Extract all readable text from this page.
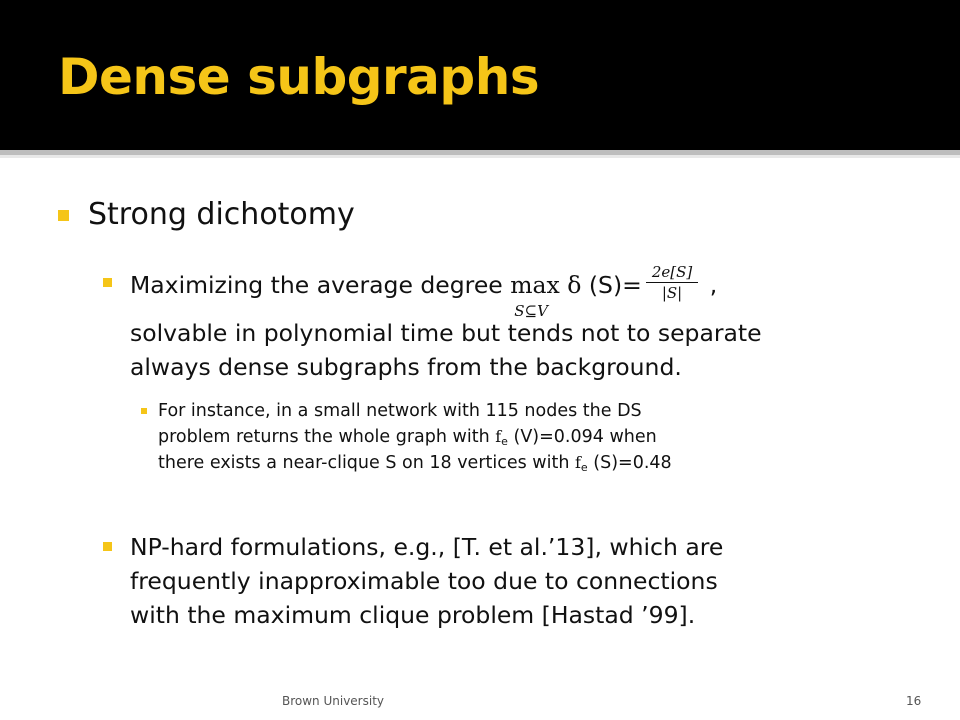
Dense subgraphs
Strong dichotomy
Maximizing the average degree max
S⊆V
δ $(S)= \frac{2e[S]}{|S|}$ ,
solvable in polynomial time but tends not to separate
always dense subgraphs from the background.
For instance, in a small network with 115 nodes the DS
problem returns the whole graph with $f_e$ (V)=0.094 when
there exists a near-clique S on 18 vertices with $f_e$ (S)=0.48
NP-hard formulations, e.g., [T. et al.’13], which are
frequently inapproximable too due to connections
with the maximum clique problem [Hastad ’99].
Brown University	16
